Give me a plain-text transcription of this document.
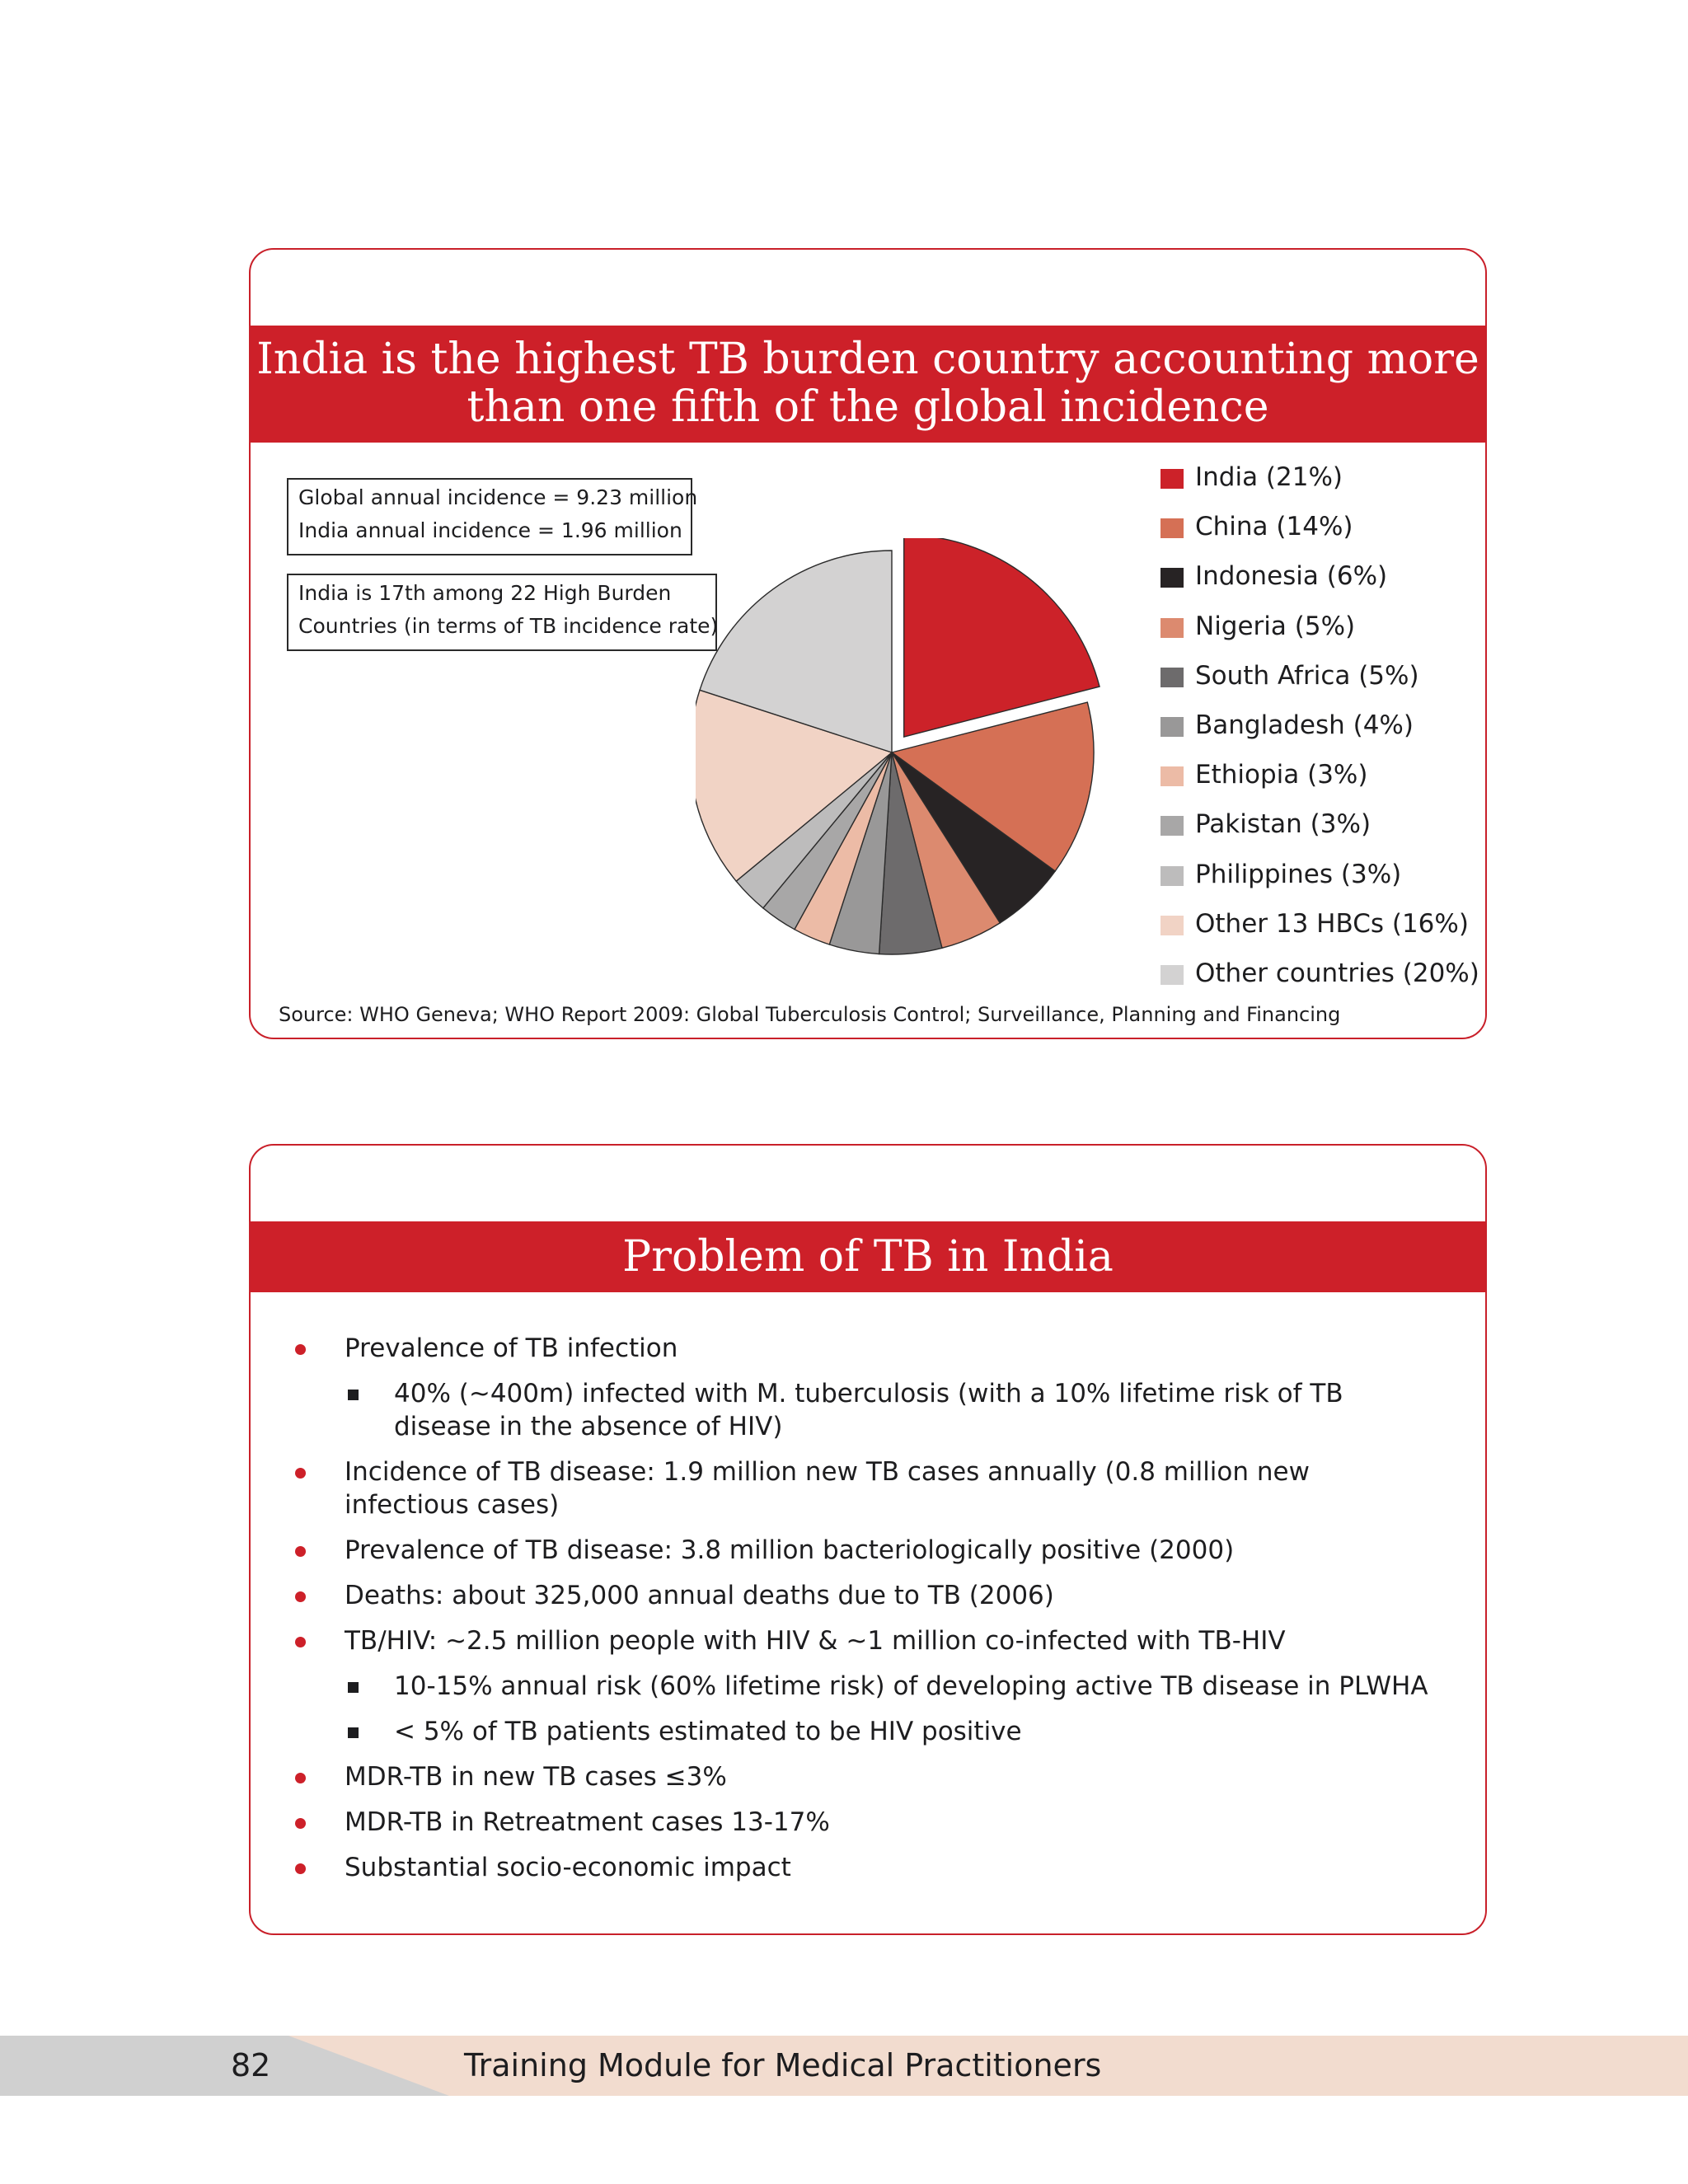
India is the highest TB burden country accounting more
than one fifth of the global incidence
Global annual incidence = 9.23 million
India annual incidence = 1.96 million
India is 17th among 22 High Burden
Countries (in terms of TB incidence rate)
India (21%)
China (14%)
Indonesia (6%)
Nigeria (5%)
South Africa (5%)
Bangladesh (4%)
Ethiopia (3%)
Pakistan (3%)
Philippines (3%)
Other 13 HBCs (16%)
Other countries (20%)
Source: WHO Geneva; WHO Report 2009: Global Tuberculosis Control; Surveillance, Planning and Financing
Problem of TB in India
Prevalence of TB infection
40% (~400m) infected with M. tuberculosis (with a 10% lifetime risk of TB disease in the absence of HIV)
Incidence of TB disease: 1.9 million new TB cases annually (0.8 million new infectious cases)
Prevalence of TB disease: 3.8 million bacteriologically positive (2000)
Deaths: about 325,000 annual deaths due to TB (2006)
TB/HIV: ~2.5 million people with HIV & ~1 million co-infected with TB-HIV
10-15% annual risk (60% lifetime risk) of developing active TB disease in PLWHA
< 5% of TB patients estimated to be HIV positive
MDR-TB in new TB cases ≤3%
MDR-TB in Retreatment cases 13-17%
Substantial socio-economic impact
82	Training Module for Medical Practitioners
